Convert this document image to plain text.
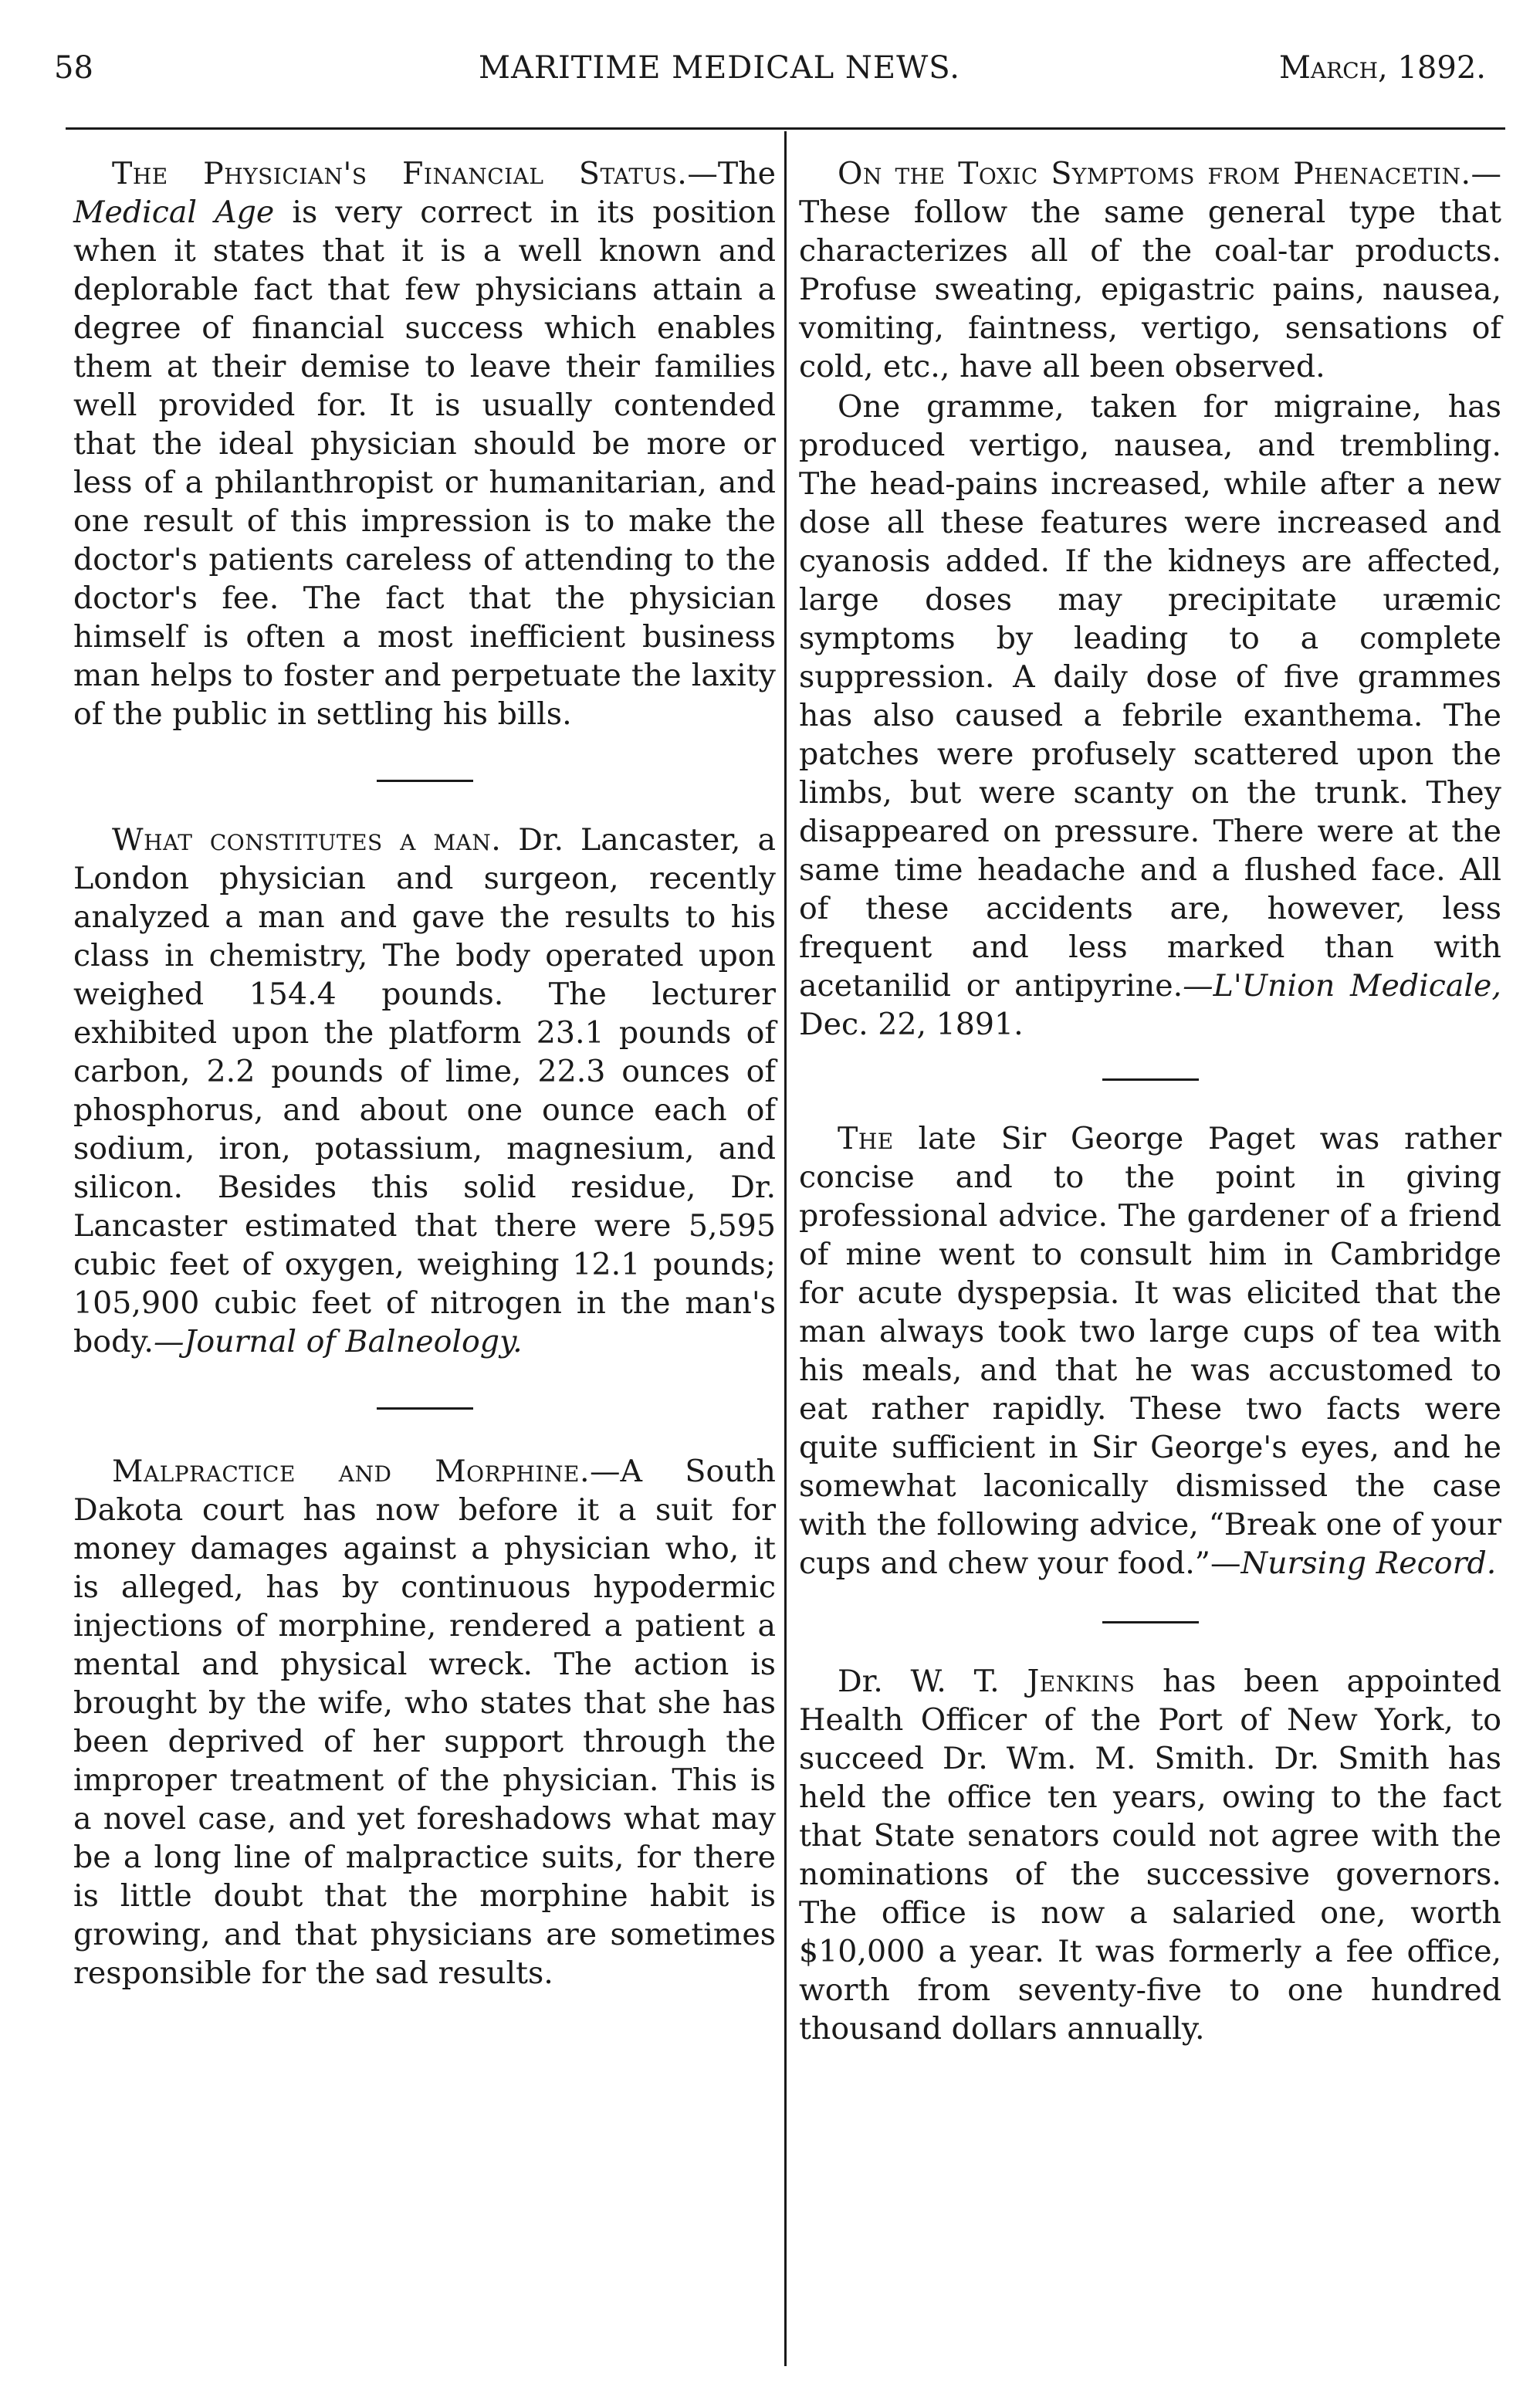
58	MARITIME MEDICAL NEWS.	March, 1892.

The Physician's Financial Status.—The Medical Age is very correct in its position when it states that it is a well known and deplorable fact that few physicians attain a degree of financial success which enables them at their demise to leave their families well provided for. It is usually contended that the ideal physician should be more or less of a philanthropist or humanitarian, and one result of this impression is to make the doctor's patients careless of attending to the doctor's fee. The fact that the physician himself is often a most inefficient business man helps to foster and perpetuate the laxity of the public in settling his bills.

What constitutes a man. Dr. Lancaster, a London physician and surgeon, recently analyzed a man and gave the results to his class in chemistry, The body operated upon weighed 154.4 pounds. The lecturer exhibited upon the platform 23.1 pounds of carbon, 2.2 pounds of lime, 22.3 ounces of phosphorus, and about one ounce each of sodium, iron, potassium, magnesium, and silicon. Besides this solid residue, Dr. Lancaster estimated that there were 5,595 cubic feet of oxygen, weighing 12.1 pounds; 105,900 cubic feet of nitrogen in the man's body.—Journal of Balneology.

Malpractice and Morphine.—A South Dakota court has now before it a suit for money damages against a physician who, it is alleged, has by continuous hypodermic injections of morphine, rendered a patient a mental and physical wreck. The action is brought by the wife, who states that she has been deprived of her support through the improper treatment of the physician. This is a novel case, and yet foreshadows what may be a long line of malpractice suits, for there is little doubt that the morphine habit is growing, and that physicians are sometimes responsible for the sad results.

On the Toxic Symptoms from Phenacetin.—These follow the same general type that characterizes all of the coal-tar products. Profuse sweating, epigastric pains, nausea, vomiting, faintness, vertigo, sensations of cold, etc., have all been observed.

One gramme, taken for migraine, has produced vertigo, nausea, and trembling. The head-pains increased, while after a new dose all these features were increased and cyanosis added. If the kidneys are affected, large doses may precipitate uræmic symptoms by leading to a complete suppression. A daily dose of five grammes has also caused a febrile exanthema. The patches were profusely scattered upon the limbs, but were scanty on the trunk. They disappeared on pressure. There were at the same time headache and a flushed face. All of these accidents are, however, less frequent and less marked than with acetanilid or antipyrine.—L'Union Medicale, Dec. 22, 1891.

The late Sir George Paget was rather concise and to the point in giving professional advice. The gardener of a friend of mine went to consult him in Cambridge for acute dyspepsia. It was elicited that the man always took two large cups of tea with his meals, and that he was accustomed to eat rather rapidly. These two facts were quite sufficient in Sir George's eyes, and he somewhat laconically dismissed the case with the following advice, “Break one of your cups and chew your food.”—Nursing Record.

Dr. W. T. Jenkins has been appointed Health Officer of the Port of New York, to succeed Dr. Wm. M. Smith. Dr. Smith has held the office ten years, owing to the fact that State senators could not agree with the nominations of the successive governors. The office is now a salaried one, worth $10,000 a year. It was formerly a fee office, worth from seventy-five to one hundred thousand dollars annually.
